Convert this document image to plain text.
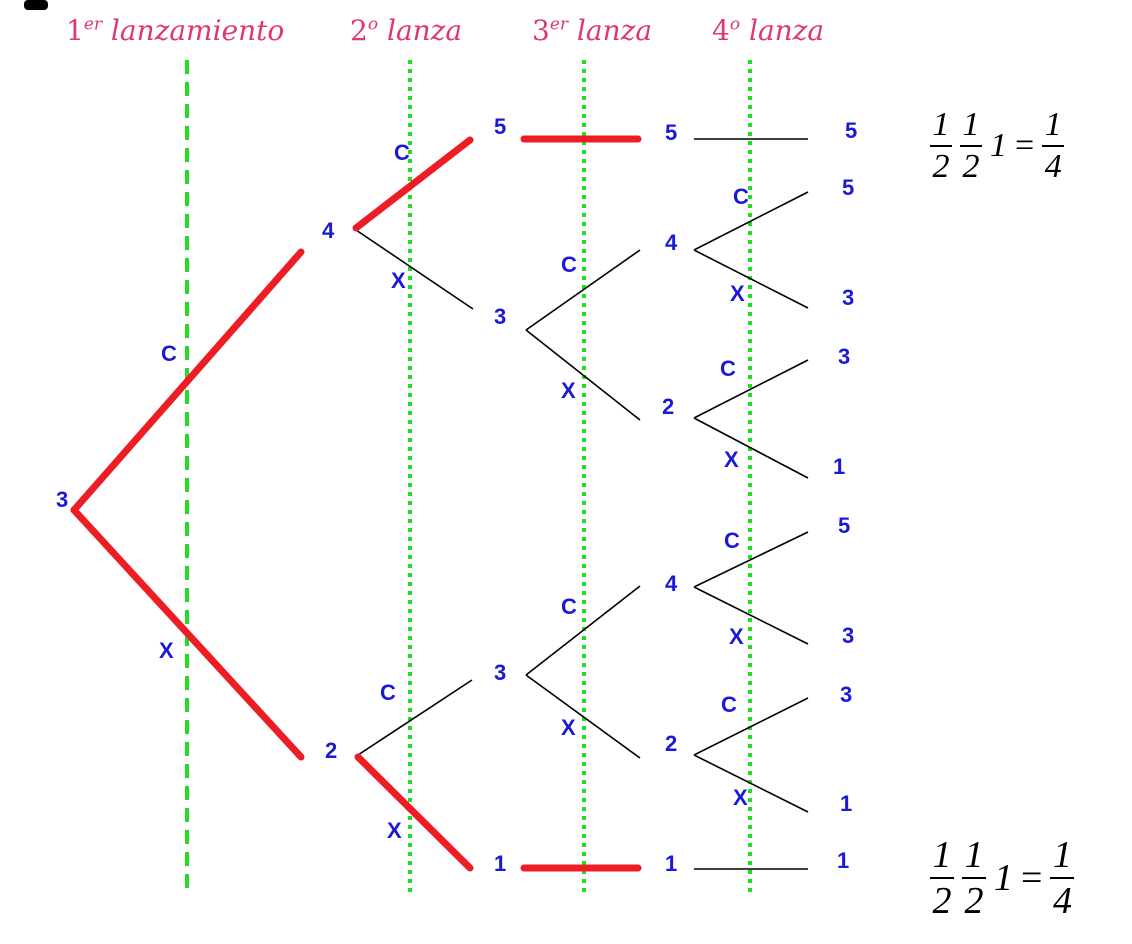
1er lanzamiento 2$^o$ lanza 3er lanza 4$^o$ lanza
3
4
2
5
3
3
1
5
4
2
4
2
1
5
5
3
3
1
5
3
3
1
1
C
X
C
X
C
X
C
X
C
X
C
X
C
X
C
X
C
X
1
2
1
2
1 =
1
4
1
2
1
2
1 =
1
4
